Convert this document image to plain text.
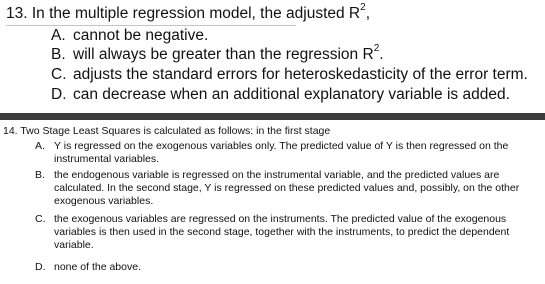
13. In the multiple regression model, the adjusted $R^2$,
A. cannot be negative.
B. will always be greater than the regression $R^2$.
C. adjusts the standard errors for heteroskedasticity of the error term.
D. can decrease when an additional explanatory variable is added.
14. Two Stage Least Squares is calculated as follows: in the first stage
A. Y is regressed on the exogenous variables only. The predicted value of Y is then regressed on the instrumental variables.
B. the endogenous variable is regressed on the instrumental variable, and the predicted values are calculated. In the second stage, Y is regressed on these predicted values and, possibly, on the other exogenous variables.
C. the exogenous variables are regressed on the instruments. The predicted value of the exogenous variables is then used in the second stage, together with the instruments, to predict the dependent variable.
D. none of the above.
